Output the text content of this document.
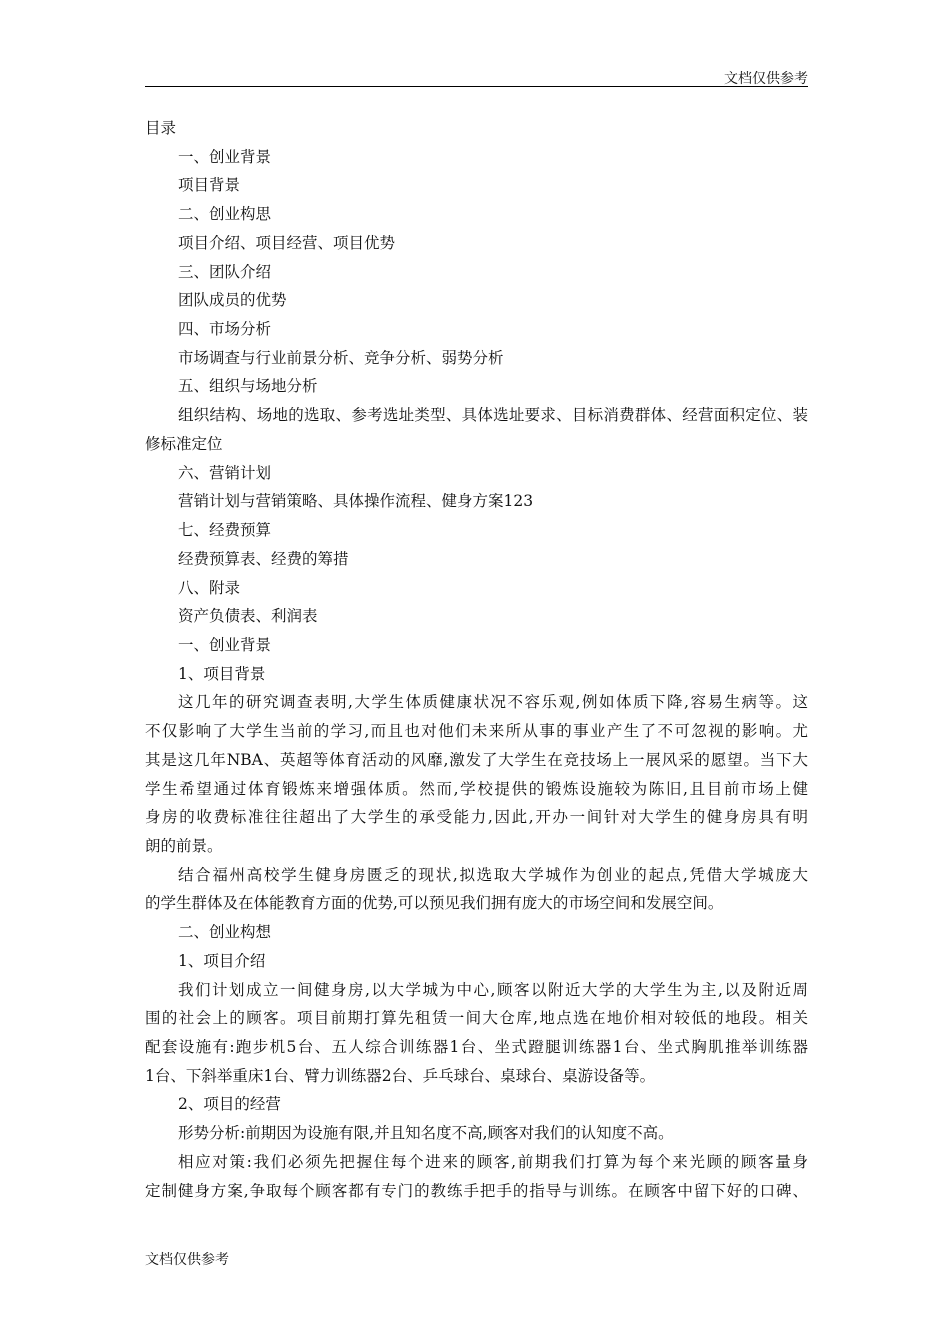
文档仅供参考
目录
一、创业背景
项目背景
二、创业构思
项目介绍、项目经营、项目优势
三、团队介绍
团队成员的优势
四、市场分析
市场调查与行业前景分析、竞争分析、弱势分析
五、组织与场地分析
组织结构、场地的选取、参考选址类型、具体选址要求、目标消费群体、经营面积定位、装
修标准定位
六、营销计划
营销计划与营销策略、具体操作流程、健身方案123
七、经费预算
经费预算表、经费的筹措
八、附录
资产负债表、利润表
一、创业背景
1、项目背景
这几年的研究调查表明,大学生体质健康状况不容乐观,例如体质下降,容易生病等。这
不仅影响了大学生当前的学习,而且也对他们未来所从事的事业产生了不可忽视的影响。尤
其是这几年NBA、英超等体育活动的风靡,激发了大学生在竞技场上一展风采的愿望。当下大
学生希望通过体育锻炼来增强体质。然而,学校提供的锻炼设施较为陈旧,且目前市场上健
身房的收费标准往往超出了大学生的承受能力,因此,开办一间针对大学生的健身房具有明
朗的前景。
结合福州高校学生健身房匮乏的现状,拟选取大学城作为创业的起点,凭借大学城庞大
的学生群体及在体能教育方面的优势,可以预见我们拥有庞大的市场空间和发展空间。
二、创业构想
1、项目介绍
我们计划成立一间健身房,以大学城为中心,顾客以附近大学的大学生为主,以及附近周
围的社会上的顾客。项目前期打算先租赁一间大仓库,地点选在地价相对较低的地段。相关
配套设施有:跑步机5台、五人综合训练器1台、坐式蹬腿训练器1台、坐式胸肌推举训练器
1台、下斜举重床1台、臂力训练器2台、乒乓球台、桌球台、桌游设备等。
2、项目的经营
形势分析:前期因为设施有限,并且知名度不高,顾客对我们的认知度不高。
相应对策:我们必须先把握住每个进来的顾客,前期我们打算为每个来光顾的顾客量身
定制健身方案,争取每个顾客都有专门的教练手把手的指导与训练。在顾客中留下好的口碑、
文档仅供参考
